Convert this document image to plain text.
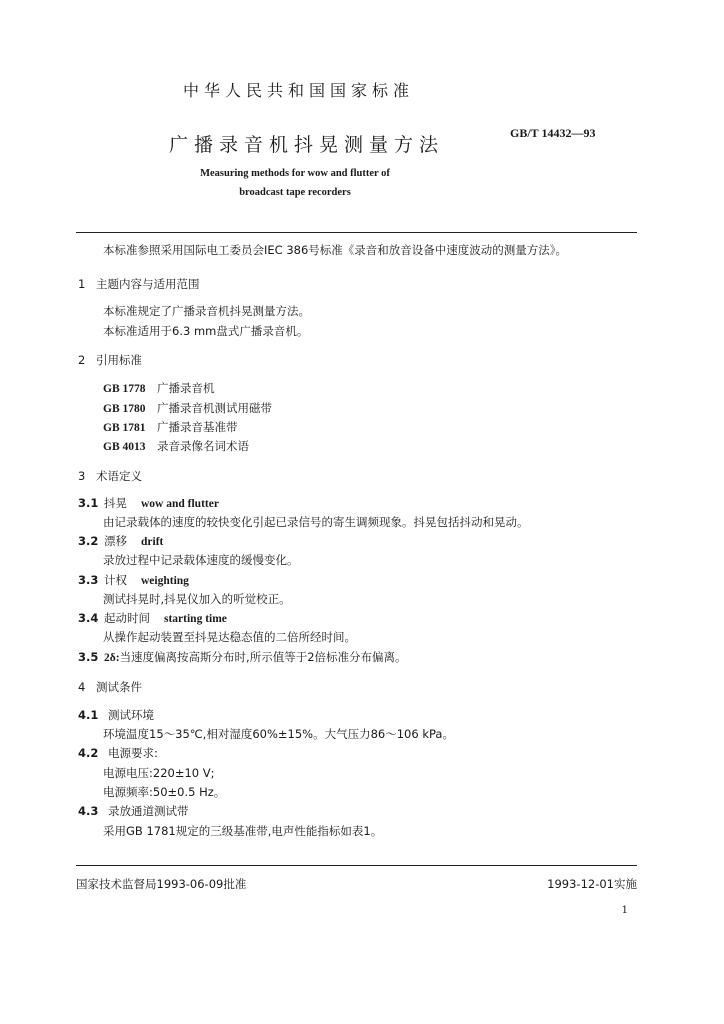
中华人民共和国国家标准
广播录音机抖晃测量方法
GB/T 14432—93
Measuring methods for wow and flutter of
broadcast tape recorders
本标准参照采用国际电工委员会IEC 386号标准《录音和放音设备中速度波动的测量方法》。
1 主题内容与适用范围
本标准规定了广播录音机抖晃测量方法。
本标准适用于6.3 mm盘式广播录音机。
2 引用标准
GB 1778 广播录音机
GB 1780 广播录音机测试用磁带
GB 1781 广播录音基准带
GB 4013 录音录像名词术语
3 术语定义
3.1 抖晃 wow and flutter
由记录载体的速度的较快变化引起已录信号的寄生调频现象。抖晃包括抖动和晃动。
3.2 漂移 drift
录放过程中记录载体速度的缓慢变化。
3.3 计权 weighting
测试抖晃时,抖晃仪加入的听觉校正。
3.4 起动时间 starting time
从操作起动装置至抖晃达稳态值的二倍所经时间。
3.5 2δ:当速度偏离按高斯分布时,所示值等于2倍标准分布偏离。
4 测试条件
4.1 测试环境
环境温度15～35℃,相对湿度60%±15%。大气压力86～106 kPa。
4.2 电源要求:
电源电压:220±10 V;
电源频率:50±0.5 Hz。
4.3 录放通道测试带
采用GB 1781规定的三级基准带,电声性能指标如表1。
国家技术监督局1993-06-09批准	1993-12-01实施
1
